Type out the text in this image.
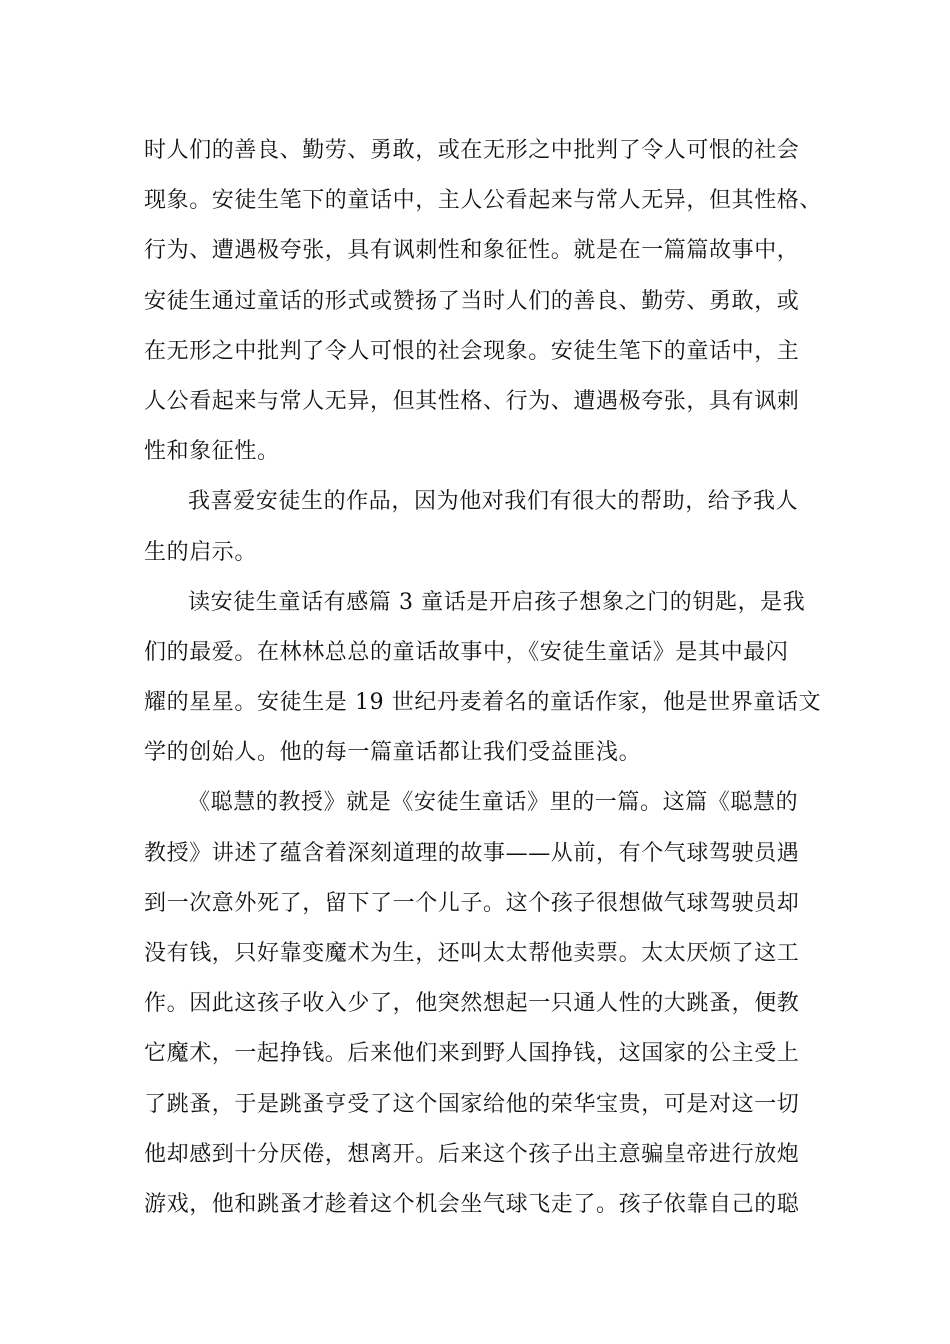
时人们的善良、勤劳、勇敢，或在无形之中批判了令人可恨的社会
现象。安徒生笔下的童话中，主人公看起来与常人无异，但其性格、
行为、遭遇极夸张，具有讽刺性和象征性。就是在一篇篇故事中，
安徒生通过童话的形式或赞扬了当时人们的善良、勤劳、勇敢，或
在无形之中批判了令人可恨的社会现象。安徒生笔下的童话中，主
人公看起来与常人无异，但其性格、行为、遭遇极夸张，具有讽刺
性和象征性。
我喜爱安徒生的作品，因为他对我们有很大的帮助，给予我人
生的启示。
读安徒生童话有感篇 3 童话是开启孩子想象之门的钥匙，是我
们的最爱。在林林总总的童话故事中，《安徒生童话》是其中最闪
耀的星星。安徒生是 19 世纪丹麦着名的童话作家，他是世界童话文
学的创始人。他的每一篇童话都让我们受益匪浅。
《聪慧的教授》就是《安徒生童话》里的一篇。这篇《聪慧的
教授》讲述了蕴含着深刻道理的故事——从前，有个气球驾驶员遇
到一次意外死了，留下了一个儿子。这个孩子很想做气球驾驶员却
没有钱，只好靠变魔术为生，还叫太太帮他卖票。太太厌烦了这工
作。因此这孩子收入少了，他突然想起一只通人性的大跳蚤，便教
它魔术，一起挣钱。后来他们来到野人国挣钱，这国家的公主受上
了跳蚤，于是跳蚤亨受了这个国家给他的荣华宝贵，可是对这一切
他却感到十分厌倦，想离开。后来这个孩子出主意骗皇帝进行放炮
游戏，他和跳蚤才趁着这个机会坐气球飞走了。孩子依靠自己的聪
